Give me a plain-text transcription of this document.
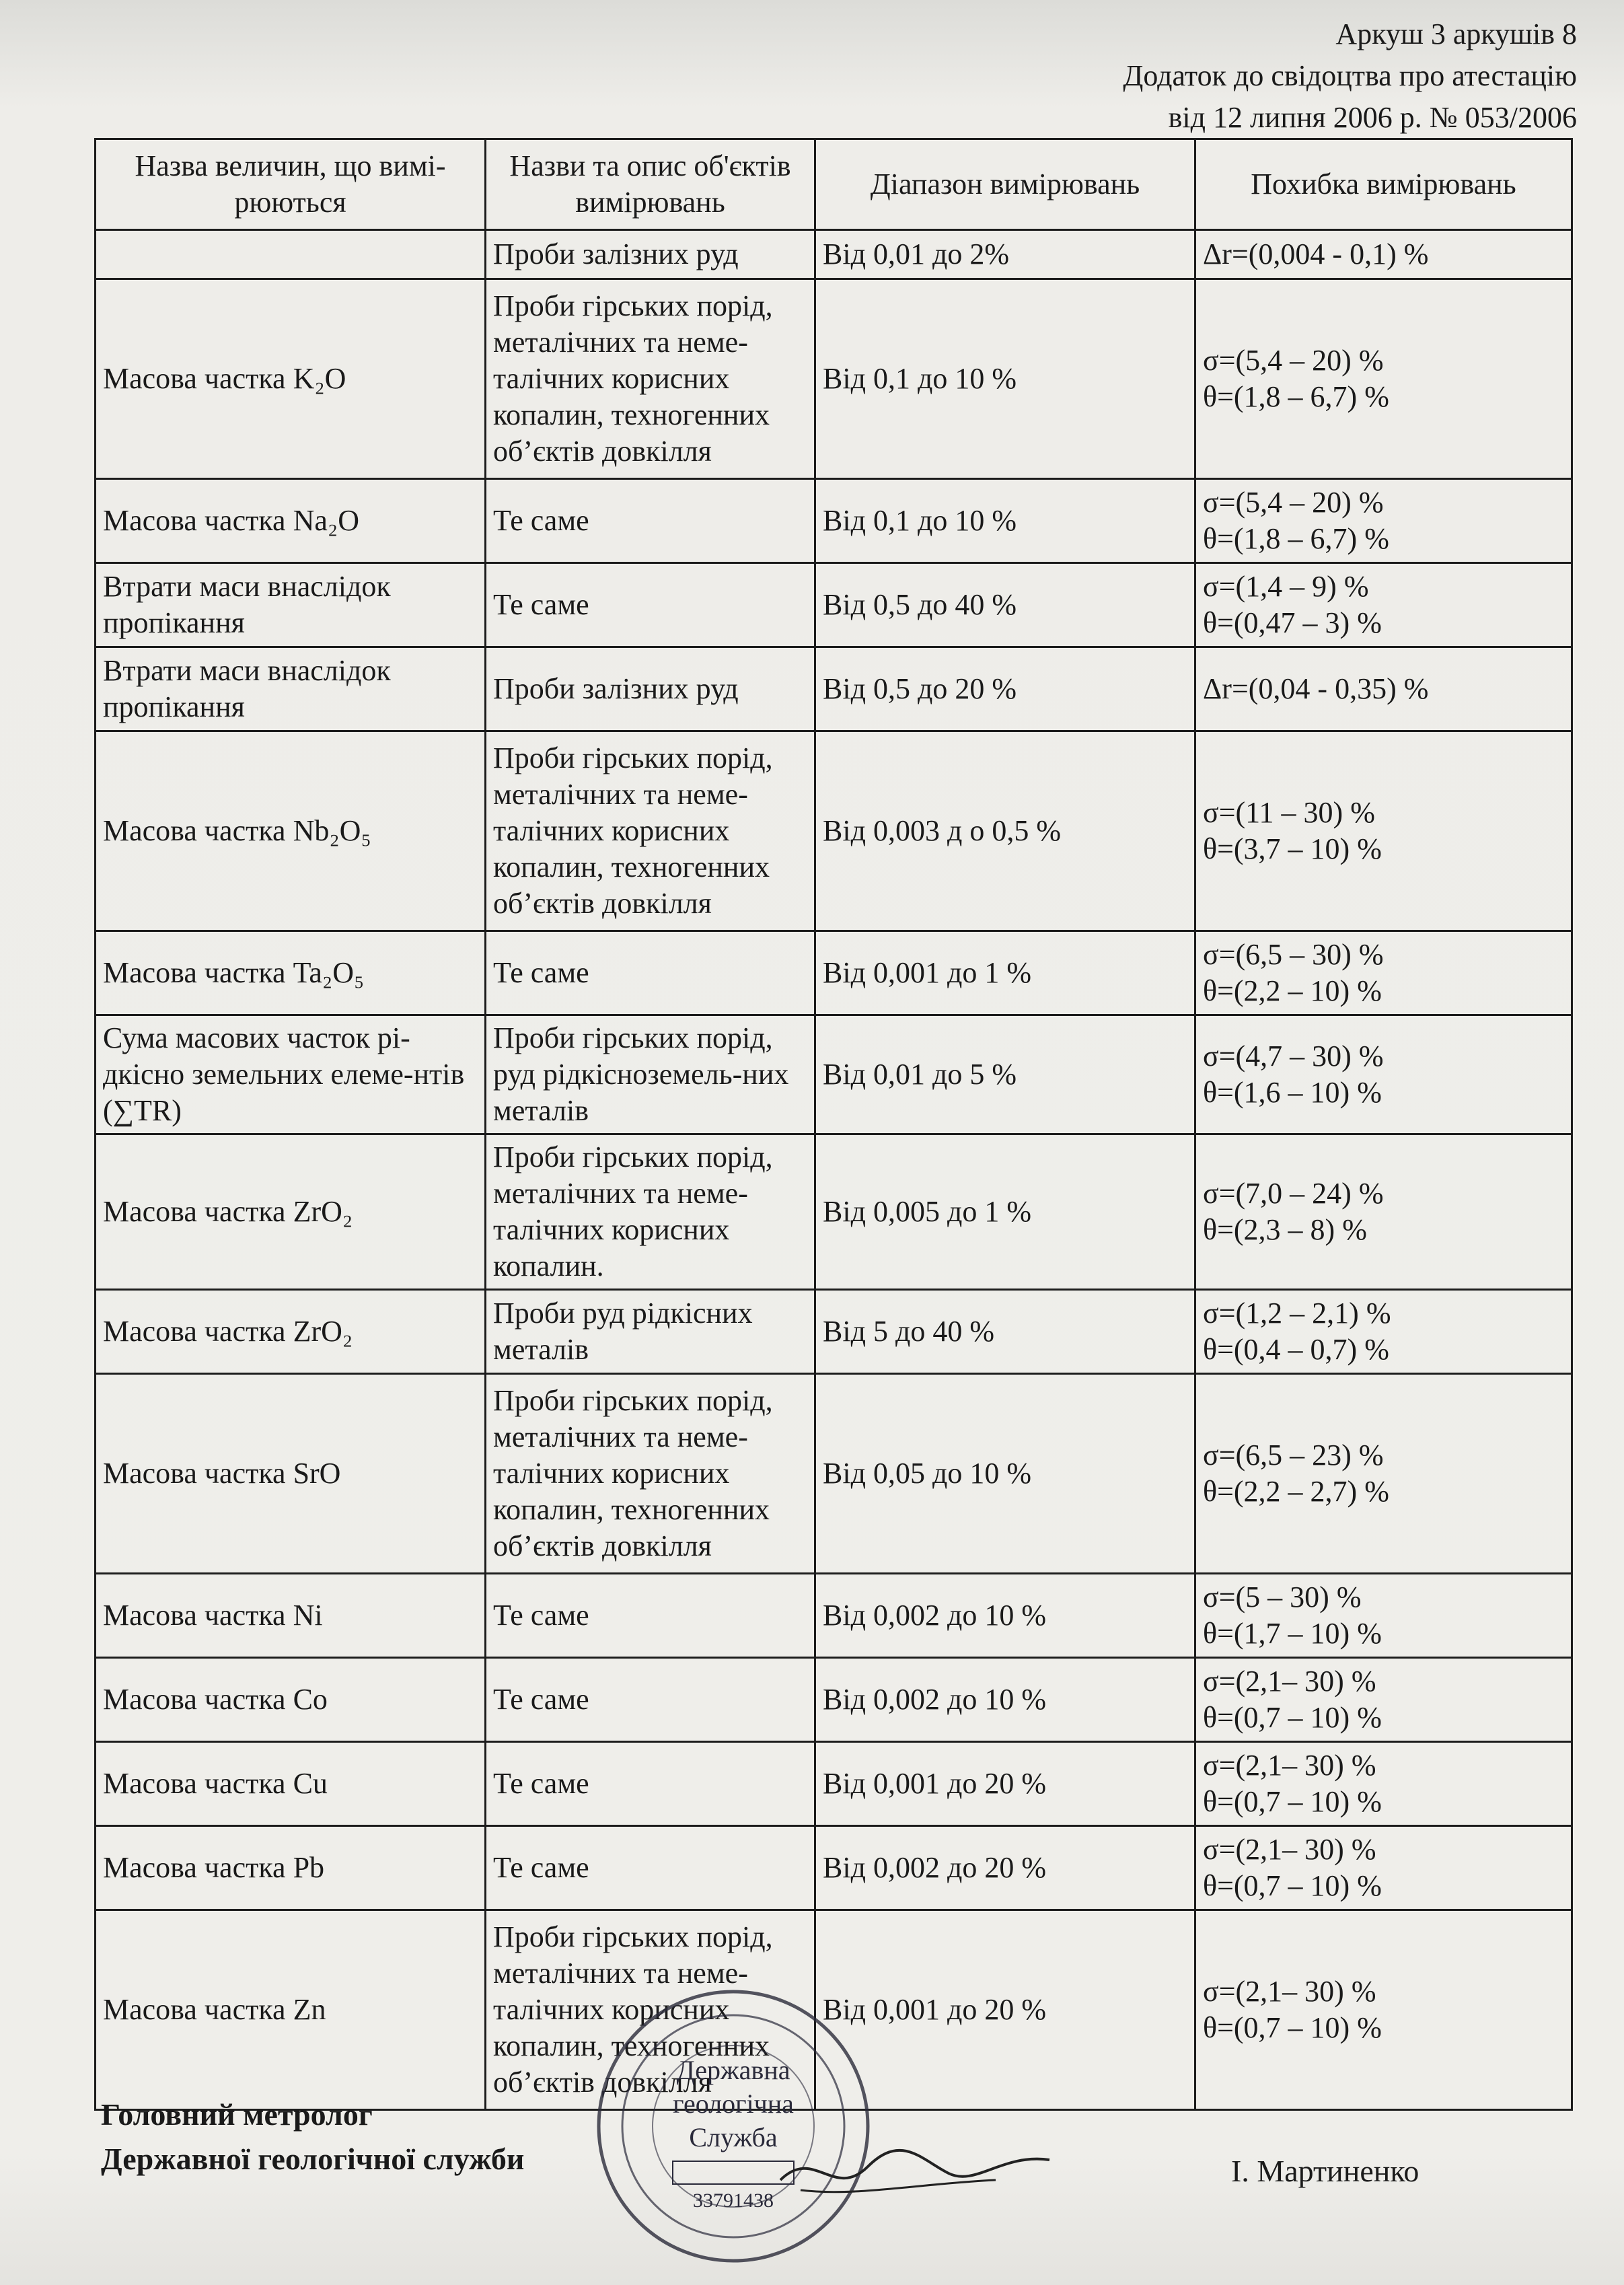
Аркуш 3 аркушів 8
Додаток до свідоцтва про атестацію
від 12 липня 2006 р. № 053/2006
Назва величин, що вимі-рюються	Назви та опис об'єктів вимірювань	Діапазон вимірювань	Похибка вимірювань
	Проби залізних руд	Від 0,01 до 2%	Δr=(0,004 - 0,1) %

Масова частка K₂O	Проби гірських порід, металічних та неме-талічних корисних копалин, техногенних об’єктів довкілля	Від 0,1 до 10 %	σ=(5,4 – 20) %
θ=(1,8 – 6,7) %

Масова частка Na₂O	Те саме	Від 0,1 до 10 %	σ=(5,4 – 20) %
θ=(1,8 – 6,7) %

Втрати маси внаслідок пропікання	Те саме	Від 0,5 до 40 %	σ=(1,4 – 9) %
θ=(0,47 – 3) %

Втрати маси внаслідок пропікання	Проби залізних руд	Від 0,5 до 20 %	Δr=(0,04 - 0,35) %

Масова частка Nb₂O₅	Проби гірських порід, металічних та неме-талічних корисних копалин, техногенних об’єктів довкілля	Від 0,003 д о 0,5 %	σ=(11 – 30) %
θ=(3,7 – 10) %

Масова частка Ta₂O₅	Те саме	Від 0,001 до 1 %	σ=(6,5 – 30) %
θ=(2,2 – 10) %

Сума масових часток рі-дкісно земельних елеме-нтів (∑TR)	Проби гірських порід, руд рідкісноземель-них металів	Від 0,01 до 5 %	σ=(4,7 – 30) %
θ=(1,6 – 10) %

Масова частка ZrO₂	Проби гірських порід, металічних та неме-талічних корисних копалин.	Від 0,005 до 1 %	σ=(7,0 – 24) %
θ=(2,3 – 8) %

Масова частка ZrO₂	Проби руд рідкісних металів	Від 5 до 40 %	σ=(1,2 – 2,1) %
θ=(0,4 – 0,7) %

Масова частка SrO	Проби гірських порід, металічних та неме-талічних корисних копалин, техногенних об’єктів довкілля	Від 0,05 до 10 %	σ=(6,5 – 23) %
θ=(2,2 – 2,7) %

Масова частка Ni	Те саме	Від 0,002 до 10 %	σ=(5 – 30) %
θ=(1,7 – 10) %

Масова частка Co	Те саме	Від 0,002 до 10 %	σ=(2,1– 30) %
θ=(0,7 – 10) %

Масова частка Cu	Те саме	Від 0,001 до 20 %	σ=(2,1– 30) %
θ=(0,7 – 10) %

Масова частка Pb	Те саме	Від 0,002 до 20 %	σ=(2,1– 30) %
θ=(0,7 – 10) %

Масова частка Zn	Проби гірських порід, металічних та неме-талічних корисних копалин, техногенних об’єктів довкілля	Від 0,001 до 20 %	σ=(2,1– 30) %
θ=(0,7 – 10) %
Головний метролог
Державної геологічної служби
Державна
геологічна
Служба
33791438
І. Мартиненко
